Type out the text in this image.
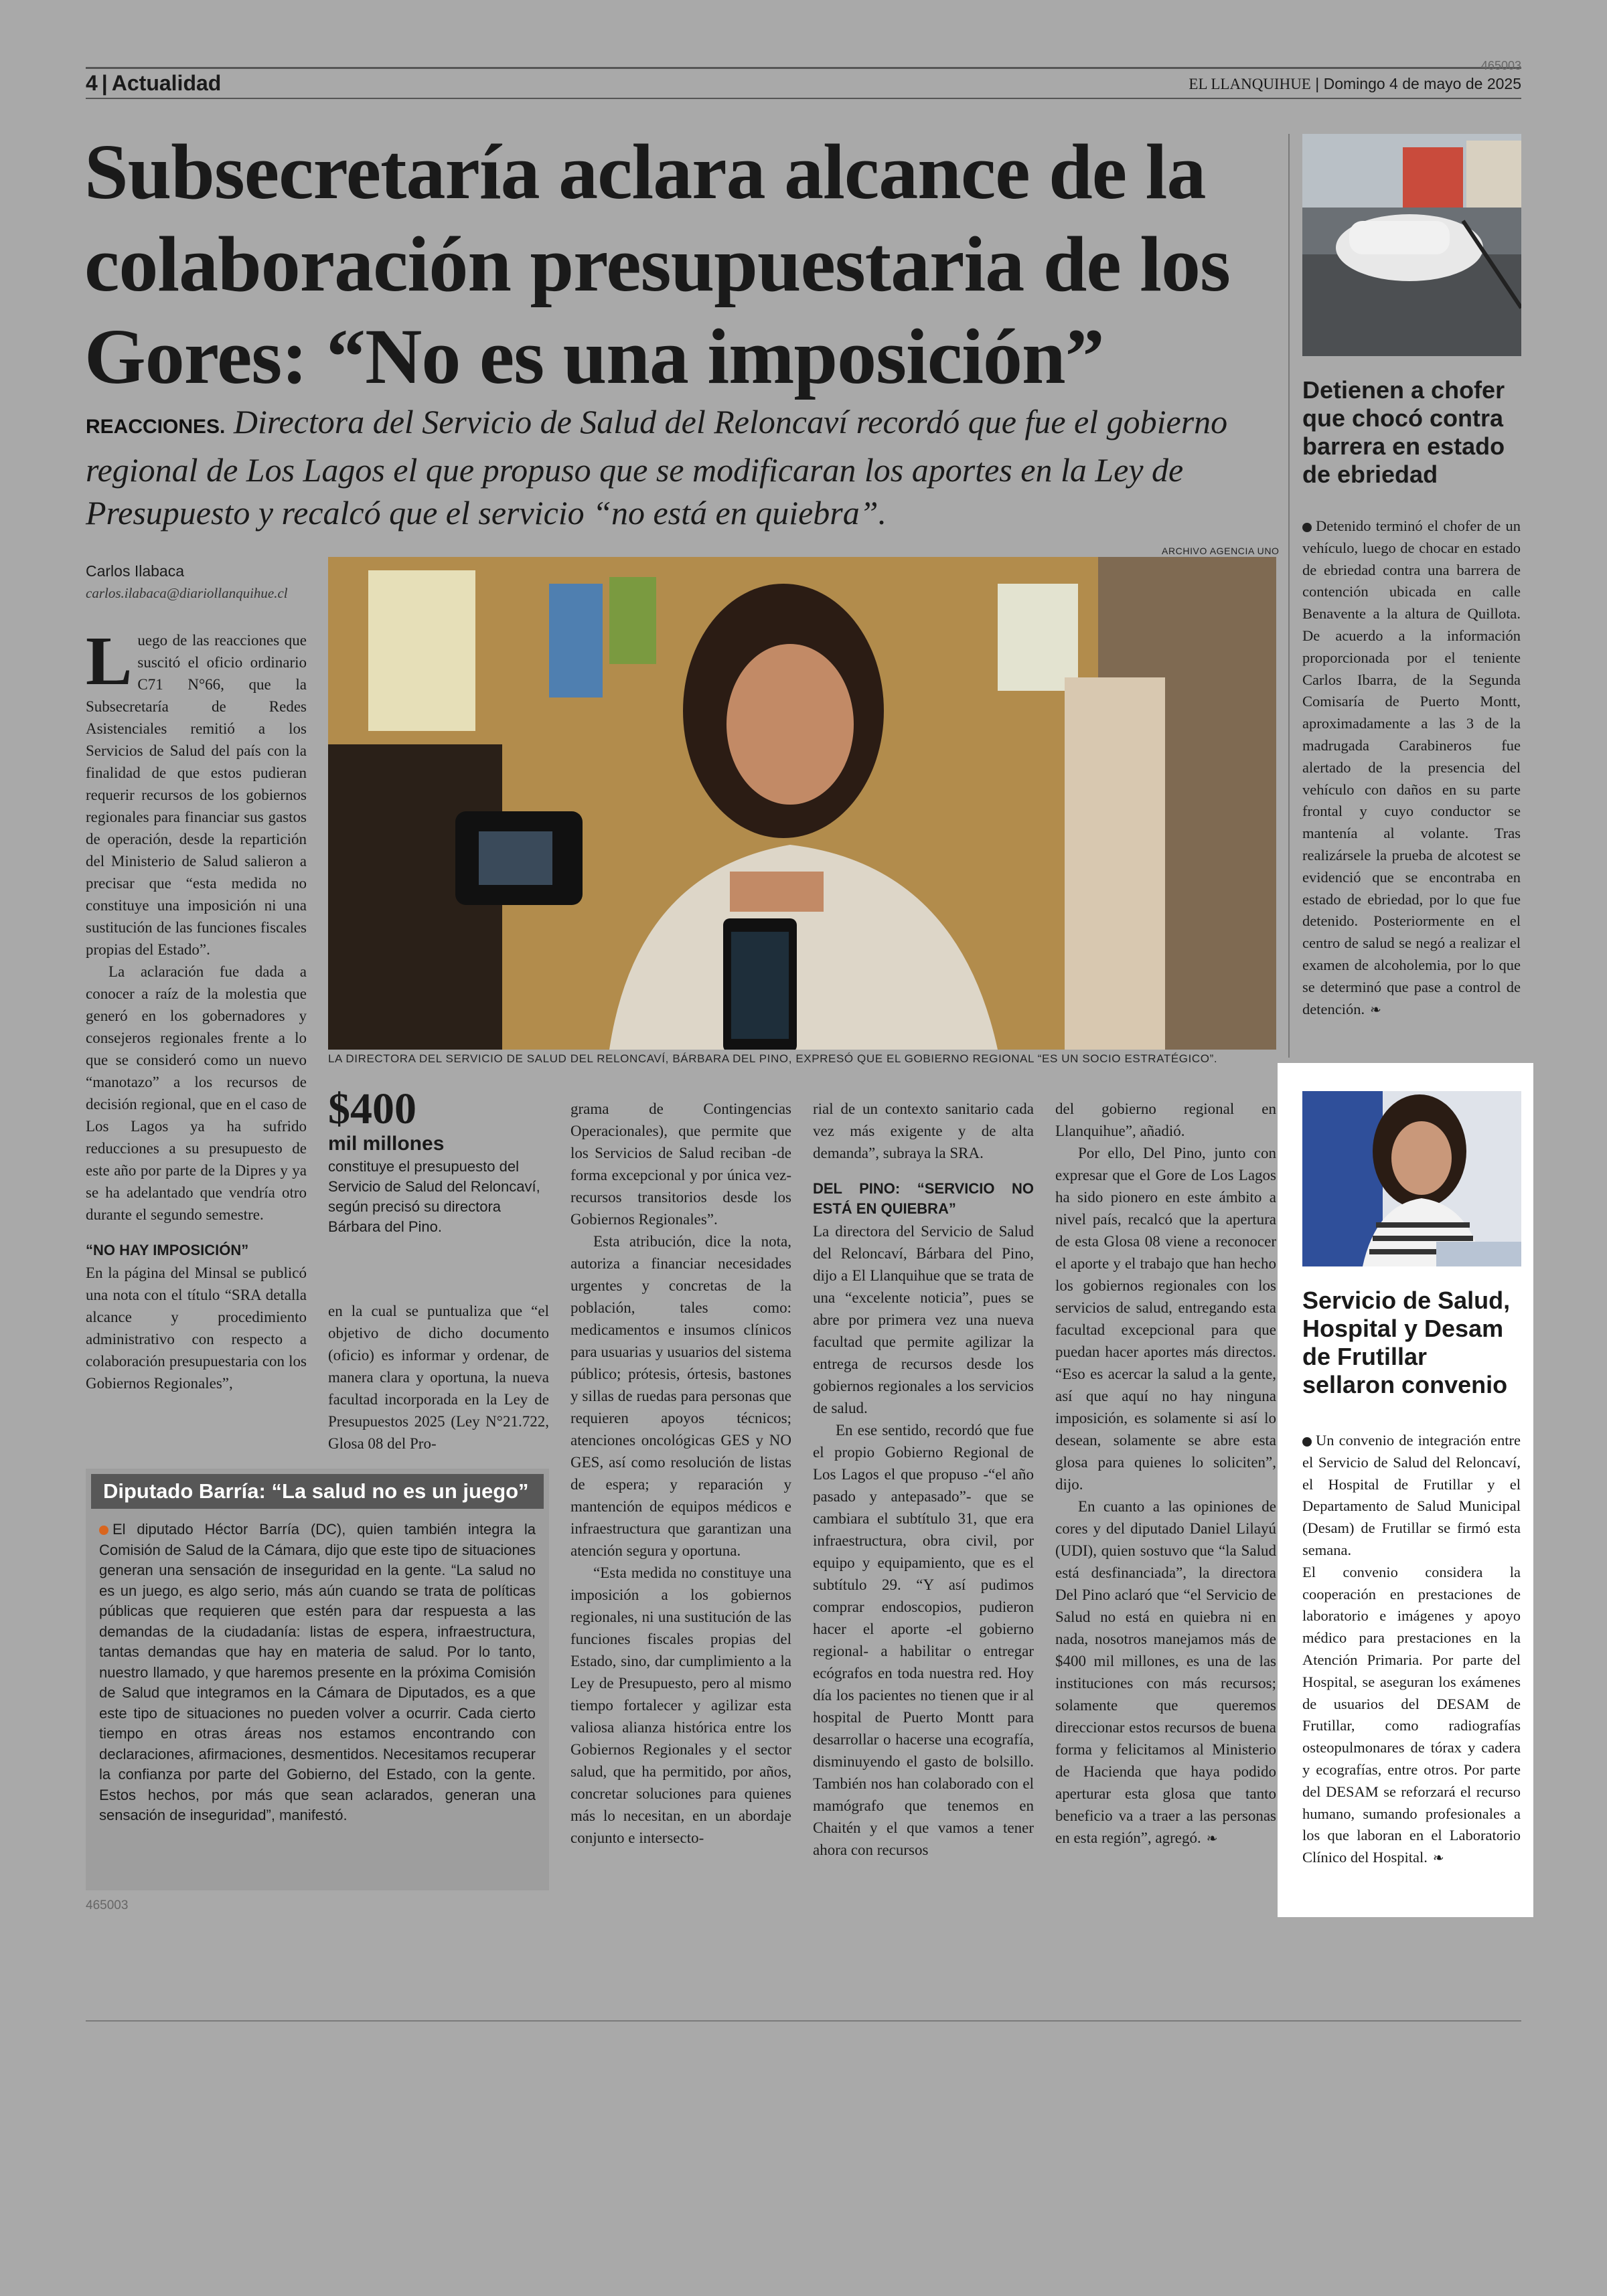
4 | Actualidad	EL LLANQUIHUE | Domingo 4 de mayo de 2025
465003
Subsecretaría aclara alcance de la colaboración presupuestaria de los Gores: “No es una imposición”
REACCIONES. Directora del Servicio de Salud del Reloncaví recordó que fue el gobierno regional de Los Lagos el que propuso que se modificaran los aportes en la Ley de Presupuesto y recalcó que el servicio “no está en quiebra”.
ARCHIVO AGENCIA UNO
LA DIRECTORA DEL SERVICIO DE SALUD DEL RELONCAVÍ, BÁRBARA DEL PINO, EXPRESÓ QUE EL GOBIERNO REGIONAL “ES UN SOCIO ESTRATÉGICO”.
Carlos Ilabaca
carlos.ilabaca@diariollanquihue.cl

Luego de las reacciones que suscitó el oficio ordinario C71 N°66, que la Subsecretaría de Redes Asistenciales remitió a los Servicios de Salud del país con la finalidad de que estos pudieran requerir recursos de los gobiernos regionales para financiar sus gastos de operación, desde la repartición del Ministerio de Salud salieron a precisar que “esta medida no constituye una imposición ni una sustitución de las funciones fiscales propias del Estado”.

La aclaración fue dada a conocer a raíz de la molestia que generó en los gobernadores y consejeros regionales frente a lo que se consideró como un nuevo “manotazo” a los recursos de decisión regional, que en el caso de Los Lagos ya ha sufrido reducciones a su presupuesto de este año por parte de la Dipres y ya se ha adelantado que vendría otro durante el segundo semestre.

“NO HAY IMPOSICIÓN”

En la página del Minsal se publicó una nota con el título “SRA detalla alcance y procedimiento administrativo con respecto a colaboración presupuestaria con los Gobiernos Regionales”,

$400
mil millones
constituye el presupuesto del Servicio de Salud del Reloncaví, según precisó su directora Bárbara del Pino.

en la cual se puntualiza que “el objetivo de dicho documento (oficio) es informar y ordenar, de manera clara y oportuna, la nueva facultad incorporada en la Ley de Presupuestos 2025 (Ley N°21.722, Glosa 08 del Pro-

grama de Contingencias Operacionales), que permite que los Servicios de Salud reciban -de forma excepcional y por única vez- recursos transitorios desde los Gobiernos Regionales”.

Esta atribución, dice la nota, autoriza a financiar necesidades urgentes y concretas de la población, tales como: medicamentos e insumos clínicos para usuarias y usuarios del sistema público; prótesis, órtesis, bastones y sillas de ruedas para personas que requieren apoyos técnicos; atenciones oncológicas GES y NO GES, así como resolución de listas de espera; y reparación y mantención de equipos médicos e infraestructura que garantizan una atención segura y oportuna.

“Esta medida no constituye una imposición a los gobiernos regionales, ni una sustitución de las funciones fiscales propias del Estado, sino, dar cumplimiento a la Ley de Presupuesto, pero al mismo tiempo fortalecer y agilizar esta valiosa alianza histórica entre los Gobiernos Regionales y el sector salud, que ha permitido, por años, concretar soluciones para quienes más lo necesitan, en un abordaje conjunto e intersecto-

rial de un contexto sanitario cada vez más exigente y de alta demanda”, subraya la SRA.

DEL PINO: “SERVICIO NO ESTÁ EN QUIEBRA”

La directora del Servicio de Salud del Reloncaví, Bárbara del Pino, dijo a El Llanquihue que se trata de una “excelente noticia”, pues se abre por primera vez una nueva facultad que permite agilizar la entrega de recursos desde los gobiernos regionales a los servicios de salud.

En ese sentido, recordó que fue el propio Gobierno Regional de Los Lagos el que propuso -“el año pasado y antepasado”- que se cambiara el subtítulo 31, que era infraestructura, obra civil, por equipo y equipamiento, que es el subtítulo 29. “Y así pudimos comprar endoscopios, pudieron hacer el aporte -el gobierno regional- a habilitar o entregar ecógrafos en toda nuestra red. Hoy día los pacientes no tienen que ir al hospital de Puerto Montt para desarrollar o hacerse una ecografía, disminuyendo el gasto de bolsillo. También nos han colaborado con el mamógrafo que tenemos en Chaitén y el que vamos a tener ahora con recursos

del gobierno regional en Llanquihue”, añadió.

Por ello, Del Pino, junto con expresar que el Gore de Los Lagos ha sido pionero en este ámbito a nivel país, recalcó que la apertura de esta Glosa 08 viene a reconocer el aporte y el trabajo que han hecho los gobiernos regionales con los servicios de salud, entregando esta facultad excepcional para que puedan hacer aportes más directos. “Eso es acercar la salud a la gente, así que aquí no hay ninguna imposición, es solamente si así lo desean, solamente se abre esta glosa para quienes lo soliciten”, dijo.

En cuanto a las opiniones de cores y del diputado Daniel Lilayú (UDI), quien sostuvo que “la Salud está desfinanciada”, la directora Del Pino aclaró que “el Servicio de Salud no está en quiebra ni en nada, nosotros manejamos más de $400 mil millones, es una de las instituciones con más recursos; solamente que queremos direccionar estos recursos de buena forma y felicitamos al Ministerio de Hacienda que haya podido aperturar esta glosa que tanto beneficio va a traer a las personas en esta región”, agregó. ❧

Diputado Barría: “La salud no es un juego”
El diputado Héctor Barría (DC), quien también integra la Comisión de Salud de la Cámara, dijo que este tipo de situaciones generan una sensación de inseguridad en la gente. “La salud no es un juego, es algo serio, más aún cuando se trata de políticas públicas que requieren que estén para dar respuesta a las demandas de la ciudadanía: listas de espera, infraestructura, tantas demandas que hay en materia de salud. Por lo tanto, nuestro llamado, y que haremos presente en la próxima Comisión de Salud que integramos en la Cámara de Diputados, es a que este tipo de situaciones no pueden volver a ocurrir. Cada cierto tiempo en otras áreas nos estamos encontrando con declaraciones, afirmaciones, desmentidos. Necesitamos recuperar la confianza por parte del Gobierno, del Estado, con la gente. Estos hechos, por más que sean aclarados, generan una sensación de inseguridad”, manifestó.
465003
Detienen a chofer que chocó contra barrera en estado de ebriedad

Detenido terminó el chofer de un vehículo, luego de chocar en estado de ebriedad contra una barrera de contención ubicada en calle Benavente a la altura de Quillota. De acuerdo a la información proporcionada por el teniente Carlos Ibarra, de la Segunda Comisaría de Puerto Montt, aproximadamente a las 3 de la madrugada Carabineros fue alertado de la presencia del vehículo con daños en su parte frontal y cuyo conductor se mantenía al volante. Tras realizársele la prueba de alcotest se evidenció que se encontraba en estado de ebriedad, por lo que fue detenido. Posteriormente en el centro de salud se negó a realizar el examen de alcoholemia, por lo que se determinó que pase a control de detención. ❧

Servicio de Salud, Hospital y Desam de Frutillar sellaron convenio

Un convenio de integración entre el Servicio de Salud del Reloncaví, el Hospital de Frutillar y el Departamento de Salud Municipal (Desam) de Frutillar se firmó esta semana.

El convenio considera la cooperación en prestaciones de laboratorio e imágenes y apoyo médico para prestaciones en la Atención Primaria. Por parte del Hospital, se aseguran los exámenes de usuarios del DESAM de Frutillar, como radiografías osteopulmonares de tórax y cadera y ecografías, entre otros. Por parte del DESAM se reforzará el recurso humano, sumando profesionales a los que laboran en el Laboratorio Clínico del Hospital. ❧
